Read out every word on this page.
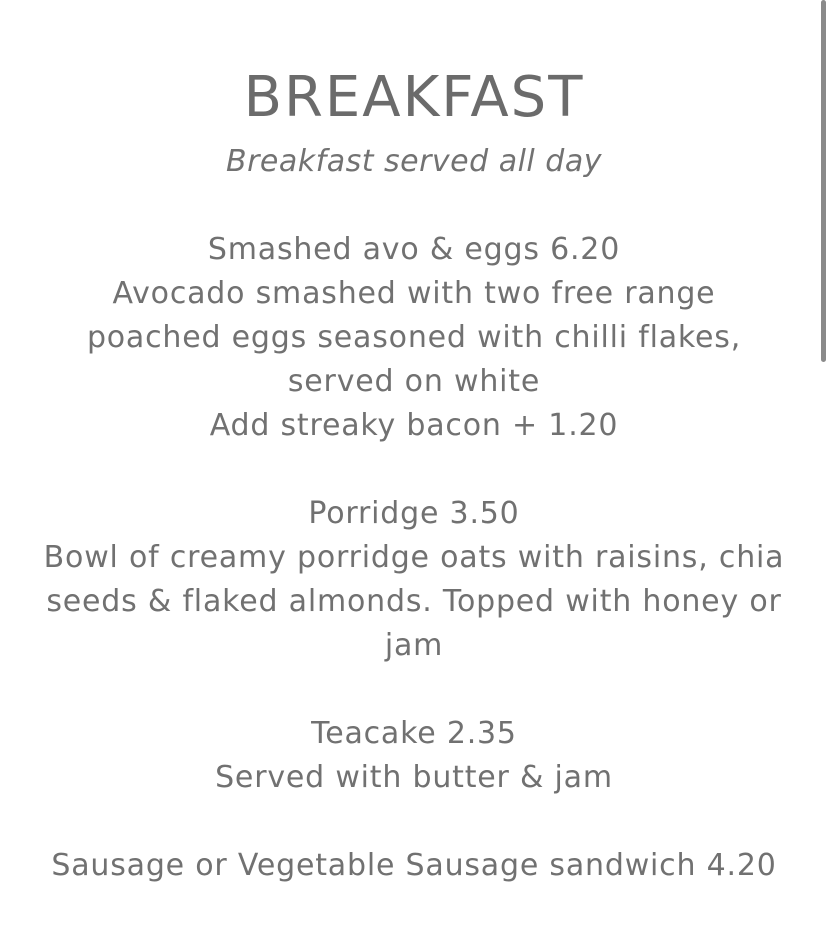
BREAKFAST
Breakfast served all day
Smashed avo & eggs 6.20
Avocado smashed with two free range
poached eggs seasoned with chilli flakes,
served on white
Add streaky bacon + 1.20
Porridge 3.50
Bowl of creamy porridge oats with raisins, chia
seeds & flaked almonds. Topped with honey or
jam
Teacake 2.35
Served with butter & jam
Sausage or Vegetable Sausage sandwich 4.20
